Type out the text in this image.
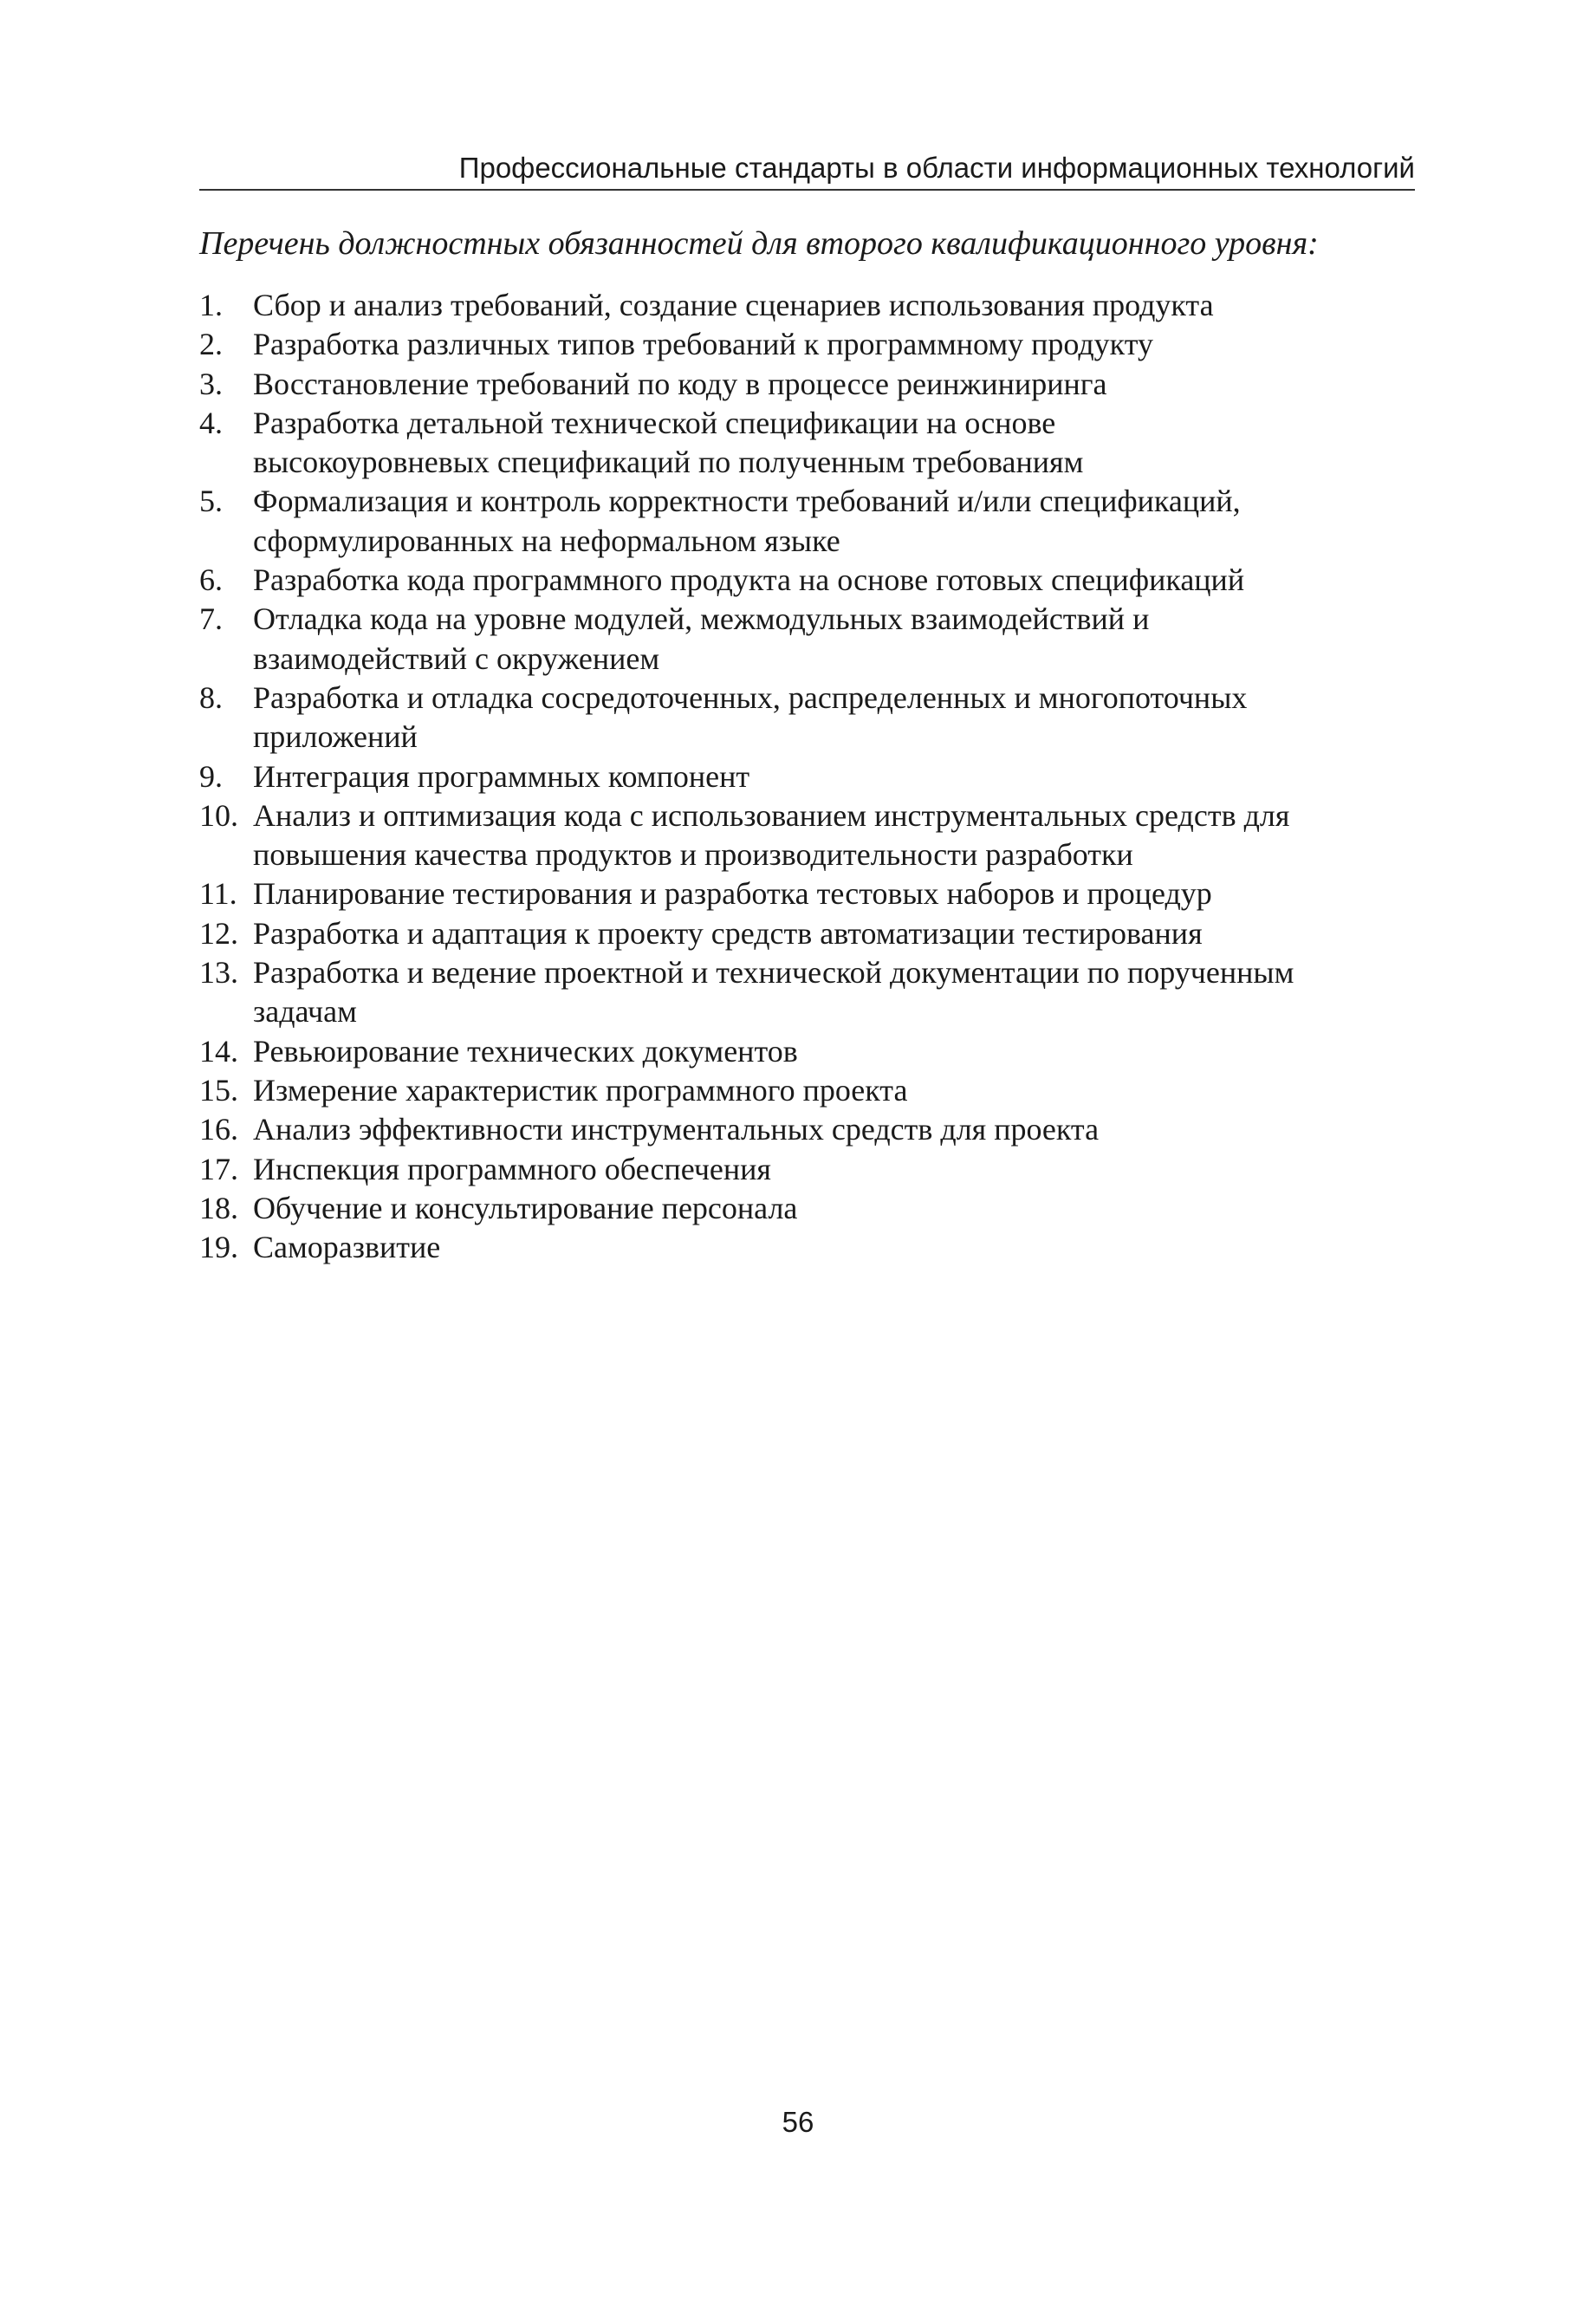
Профессиональные стандарты в области информационных технологий
Перечень должностных обязанностей для второго квалификационного уровня:
1. Сбор и анализ требований, создание сценариев использования продукта
2. Разработка различных типов требований к программному продукту
3. Восстановление требований по коду в процессе реинжиниринга
4. Разработка детальной технической спецификации на основе
высокоуровневых спецификаций по полученным требованиям
5. Формализация и контроль корректности требований и/или спецификаций,
сформулированных на неформальном языке
6. Разработка кода программного продукта на основе готовых спецификаций
7. Отладка кода на уровне модулей, межмодульных взаимодействий и
взаимодействий с окружением
8. Разработка и отладка сосредоточенных, распределенных и многопоточных
приложений
9. Интеграция программных компонент
10. Анализ и оптимизация кода с использованием инструментальных средств для
повышения качества продуктов и производительности разработки
11. Планирование тестирования и разработка тестовых наборов и процедур
12. Разработка и адаптация к проекту средств автоматизации тестирования
13. Разработка и ведение проектной и технической документации по порученным
задачам
14. Ревьюирование технических документов
15. Измерение характеристик программного проекта
16. Анализ эффективности инструментальных средств для проекта
17. Инспекция программного обеспечения
18. Обучение и консультирование персонала
19. Саморазвитие
56
